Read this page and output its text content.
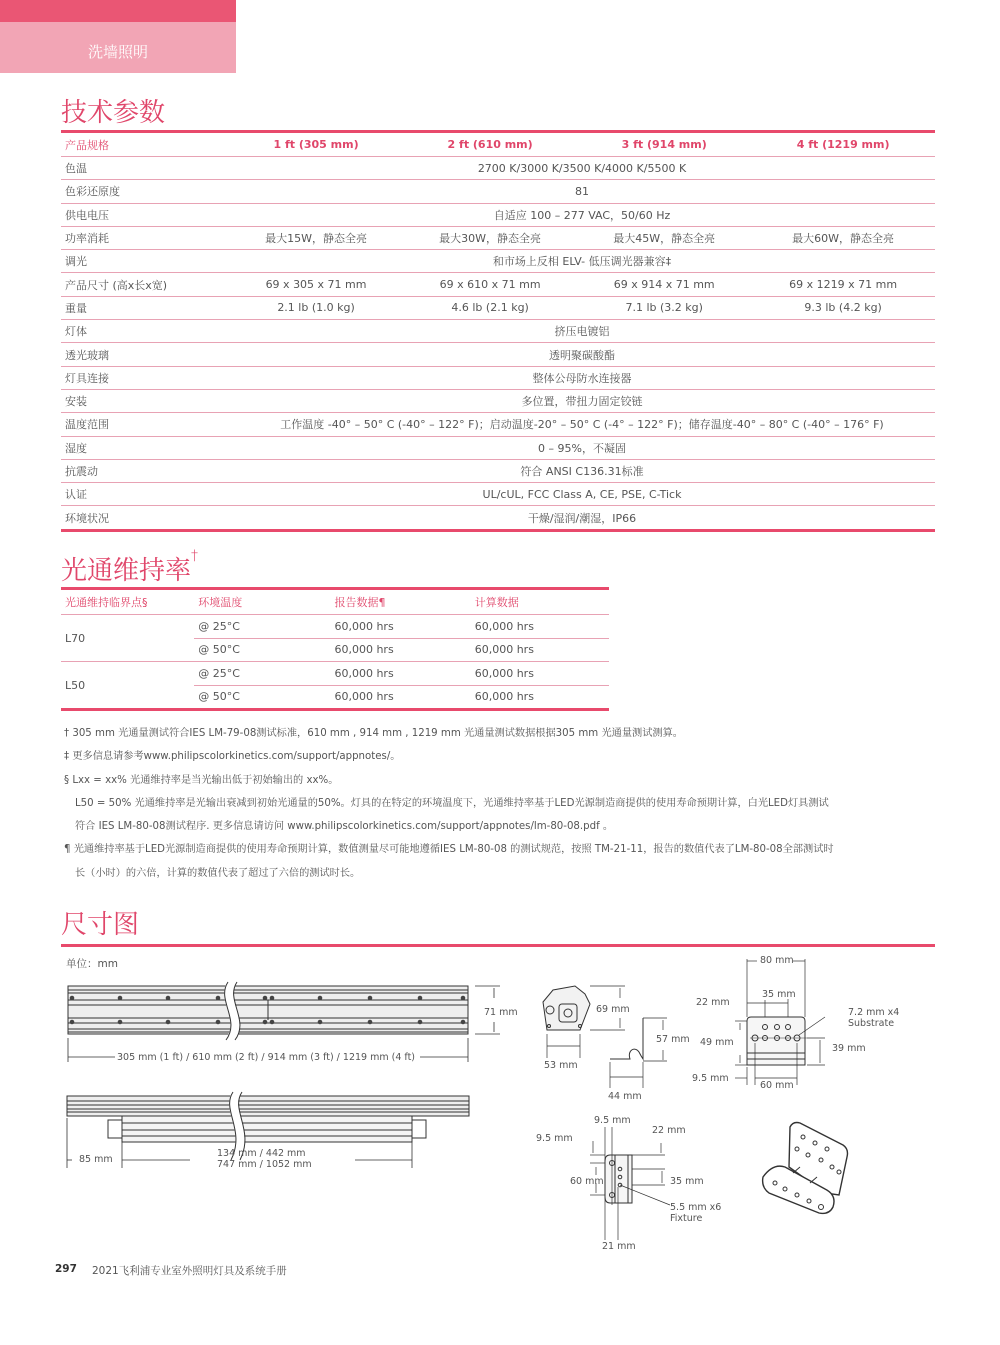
洗墙照明
技术参数
产品规格	1 ft (305 mm)	2 ft (610 mm)	3 ft (914 mm)	4 ft (1219 mm)
色温	2700 K/3000 K/3500 K/4000 K/5500 K			
色彩还原度	81			
供电电压	自适应 100 – 277 VAC，50/60 Hz			
功率消耗	最大15W，静态全亮	最大30W，静态全亮	最大45W，静态全亮	最大60W，静态全亮
调光	和市场上反相 ELV- 低压调光器兼容‡			
产品尺寸 (高x长x宽)	69 x 305 x 71 mm	69 x 610 x 71 mm	69 x 914 x 71 mm	69 x 1219 x 71 mm
重量	2.1 lb (1.0 kg)	4.6 lb (2.1 kg)	7.1 lb (3.2 kg)	9.3 lb (4.2 kg)
灯体	挤压电镀铝			
透光玻璃	透明聚碳酸酯			
灯具连接	整体公母防水连接器			
安装	多位置，带扭力固定铰链			
温度范围	工作温度 -40° – 50° C (-40° – 122° F)；启动温度-20° – 50° C (-4° – 122° F)；储存温度-40° – 80° C (-40° – 176° F)			
湿度	0 – 95%，不凝固			
抗震动	符合 ANSI C136.31标准			
认证	UL/cUL, FCC Class A, CE, PSE, C-Tick			
环境状况	干燥/湿润/潮湿，IP66			
光通维持率†
光通维持临界点§	环境温度	报告数据¶	计算数据
L70	@ 25°C	60,000 hrs	60,000 hrs
	@ 50°C	60,000 hrs	60,000 hrs
L50	@ 25°C	60,000 hrs	60,000 hrs
	@ 50°C	60,000 hrs	60,000 hrs
† 305 mm 光通量测试符合IES LM-79-08测试标准，610 mm , 914 mm , 1219 mm 光通量测试数据根据305 mm 光通量测试测算。
‡ 更多信息请参考www.philipscolorkinetics.com/support/appnotes/。
§ Lxx = xx% 光通维持率是当光输出低于初始输出的 xx%。
L50 = 50% 光通维持率是光输出衰减到初始光通量的50%。灯具的在特定的环境温度下，光通维持率基于LED光源制造商提供的使用寿命预期计算，白光LED灯具测试
符合 IES LM-80-08测试程序. 更多信息请访问 www.philipscolorkinetics.com/support/appnotes/lm-80-08.pdf 。
¶ 光通维持率基于LED光源制造商提供的使用寿命预期计算，数值测量尽可能地遵循IES LM-80-08 的测试规范，按照 TM-21-11，报告的数值代表了LM-80-08全部测试时
长（小时）的六倍，计算的数值代表了超过了六倍的测试时长。
尺寸图
单位：mm
71 mm
305 mm (1 ft) / 610 mm (2 ft) / 914 mm (3 ft) / 1219 mm (4 ft)
85 mm
134 mm / 442 mm
747 mm / 1052 mm
69 mm
53 mm
57 mm
44 mm
80 mm
35 mm
22 mm
49 mm
39 mm
9.5 mm
60 mm
7.2 mm x4
Substrate
9.5 mm
9.5 mm
22 mm
60 mm	35 mm
5.5 mm x6
Fixture
21 mm
297 2021飞利浦专业室外照明灯具及系统手册
